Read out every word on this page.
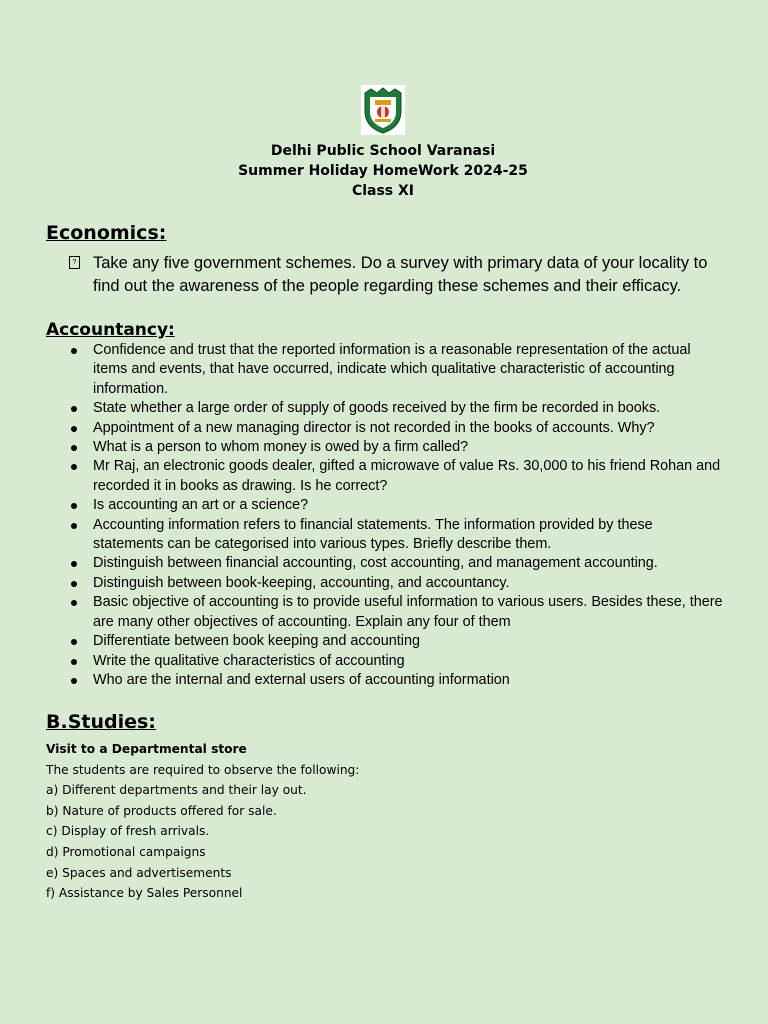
Delhi Public School Varanasi
Summer Holiday HomeWork 2024-25
Class XI
Economics:
? Take any five government schemes. Do a survey with primary data of your locality to find out the awareness of the people regarding these schemes and their efficacy.
Accountancy:
Confidence and trust that the reported information is a reasonable representation of the actual items and events, that have occurred, indicate which qualitative characteristic of accounting information.
State whether a large order of supply of goods received by the firm be recorded in books.
Appointment of a new managing director is not recorded in the books of accounts. Why?
What is a person to whom money is owed by a firm called?
Mr Raj, an electronic goods dealer, gifted a microwave of value Rs. 30,000 to his friend Rohan and recorded it in books as drawing. Is he correct?
Is accounting an art or a science?
Accounting information refers to financial statements. The information provided by these statements can be categorised into various types. Briefly describe them.
Distinguish between financial accounting, cost accounting, and management accounting.
Distinguish between book-keeping, accounting, and accountancy.
Basic objective of accounting is to provide useful information to various users. Besides these, there are many other objectives of accounting. Explain any four of them
Differentiate between book keeping and accounting
Write the qualitative characteristics of accounting
Who are the internal and external users of accounting information
B.Studies:
Visit to a Departmental store
The students are required to observe the following:
a) Different departments and their lay out.
b) Nature of products offered for sale.
c) Display of fresh arrivals.
d) Promotional campaigns
e) Spaces and advertisements
f) Assistance by Sales Personnel
